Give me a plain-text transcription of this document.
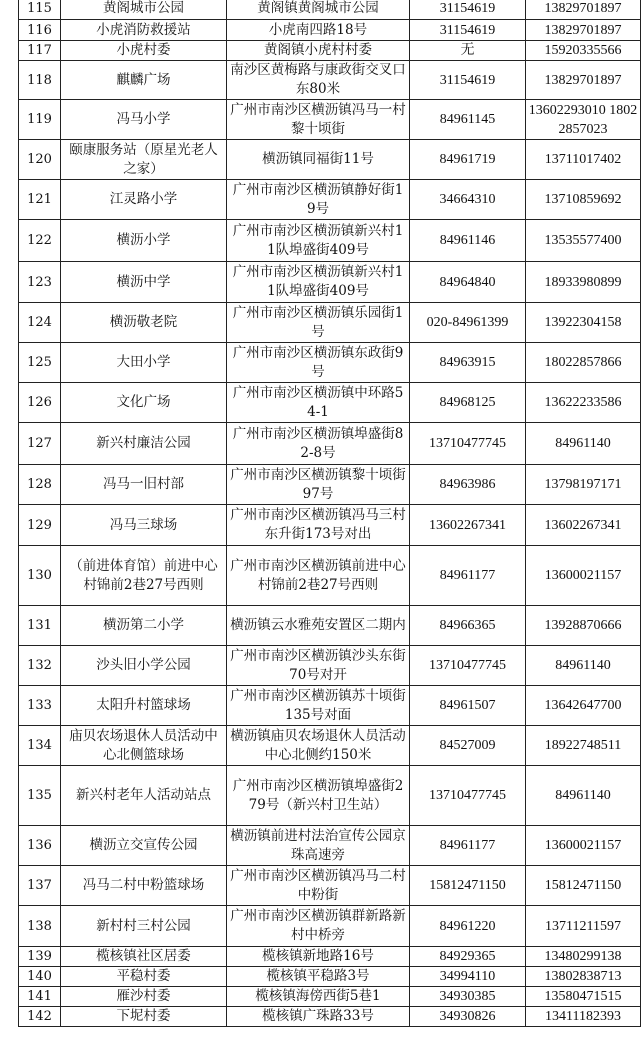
115	黄阁城市公园	黄阁镇黄阁城市公园	31154619	13829701897
116	小虎消防救援站	小虎南四路18号	31154619	13829701897
117	小虎村委	黄阁镇小虎村村委	无	15920335566
118	麒麟广场	南沙区黄梅路与康政街交叉口东80米	31154619	13829701897
119	冯马小学	广州市南沙区横沥镇冯马一村黎十顷街	84961145	13602293010 18022857023
120	颐康服务站（原星光老人之家）	横沥镇同福街11号	84961719	13711017402
121	江灵路小学	广州市南沙区横沥镇静好街19号	34664310	13710859692
122	横沥小学	广州市南沙区横沥镇新兴村11队埠盛街409号	84961146	13535577400
123	横沥中学	广州市南沙区横沥镇新兴村11队埠盛街409号	84964840	18933980899
124	横沥敬老院	广州市南沙区横沥镇乐园街1号	020-84961399	13922304158
125	大田小学	广州市南沙区横沥镇东政街9号	84963915	18022857866
126	文化广场	广州市南沙区横沥镇中环路54-1	84968125	13622233586
127	新兴村廉洁公园	广州市南沙区横沥镇埠盛街82-8号	13710477745	84961140
128	冯马一旧村部	广州市南沙区横沥镇黎十顷街97号	84963986	13798197171
129	冯马三球场	广州市南沙区横沥镇冯马三村东升街173号对出	13602267341	13602267341
130	（前进体育馆）前进中心村锦前2巷27号西则	广州市南沙区横沥镇前进中心村锦前2巷27号西则	84961177	13600021157
131	横沥第二小学	横沥镇云水雅苑安置区二期内	84966365	13928870666
132	沙头旧小学公园	广州市南沙区横沥镇沙头东街70号对开	13710477745	84961140
133	太阳升村篮球场	广州市南沙区横沥镇苏十顷街135号对面	84961507	13642647700
134	庙贝农场退休人员活动中心北侧篮球场	横沥镇庙贝农场退休人员活动中心北侧约150米	84527009	18922748511
135	新兴村老年人活动站点	广州市南沙区横沥镇埠盛街279号（新兴村卫生站）	13710477745	84961140
136	横沥立交宣传公园	横沥镇前进村法治宣传公园京珠高速旁	84961177	13600021157
137	冯马二村中粉篮球场	广州市南沙区横沥镇冯马二村中粉街	15812471150	15812471150
138	新村村三村公园	广州市南沙区横沥镇群新路新村中桥旁	84961220	13711211597
139	榄核镇社区居委	榄核镇新地路16号	84929365	13480299138
140	平稳村委	榄核镇平稳路3号	34994110	13802838713
141	雁沙村委	榄核镇海傍西街5巷1	34930385	13580471515
142	下坭村委	榄核镇广珠路33号	34930826	13411182393
